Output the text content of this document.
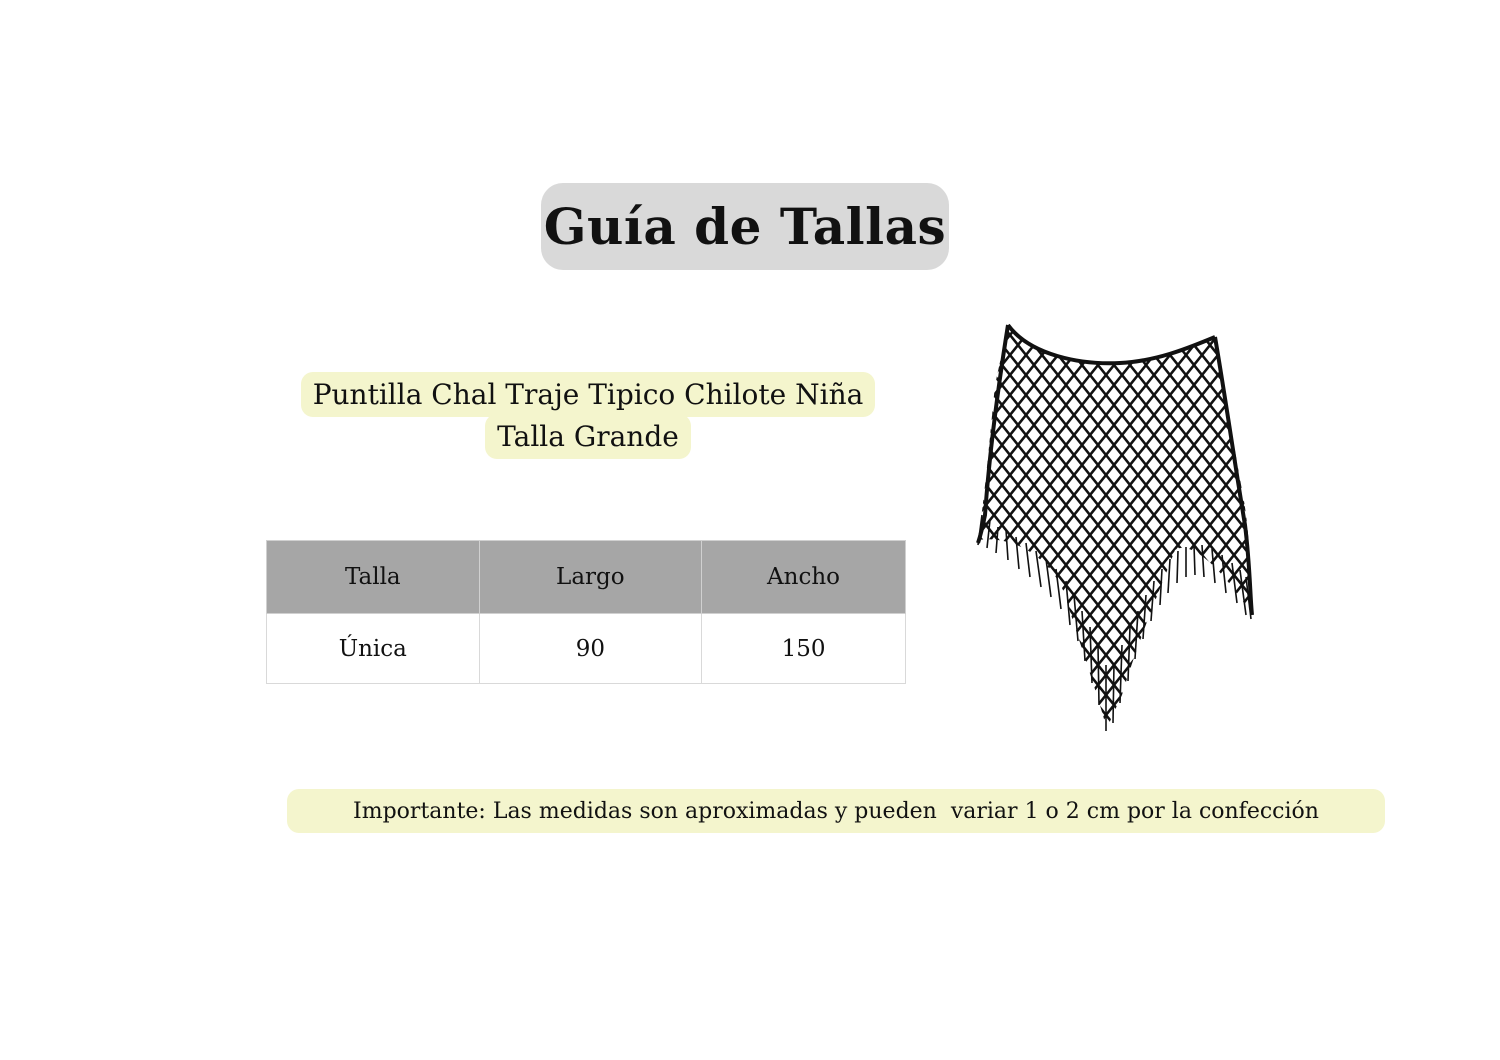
Guía de Tallas
Puntilla Chal Traje Tipico Chilote Niña Talla Grande
Talla	Largo	Ancho
Única	90	150
Importante: Las medidas son aproximadas y pueden  variar 1 o 2 cm por la confección
